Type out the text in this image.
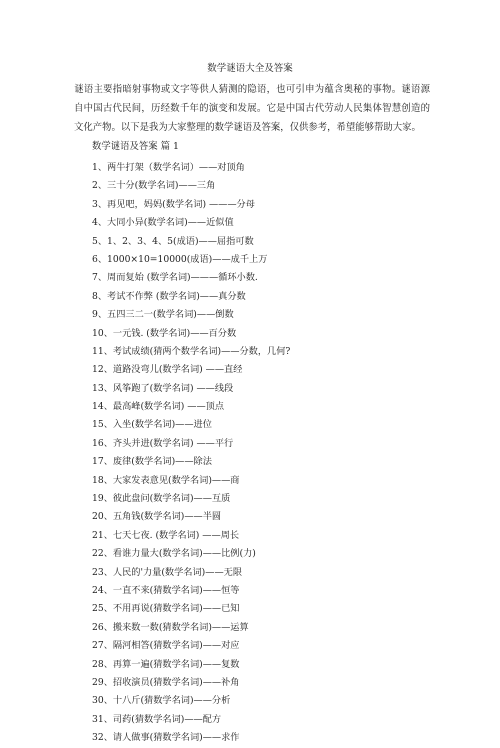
数学谜语大全及答案
谜语主要指暗射事物或文字等供人猜测的隐语，也可引申为蕴含奥秘的事物。谜语源自中国古代民间，历经数千年的演变和发展。它是中国古代劳动人民集体智慧创造的文化产物。以下是我为大家整理的数学谜语及答案，仅供参考，希望能够帮助大家。
数学谜语及答案 篇 1
1、两牛打架（数学名词）——对顶角
2、三十分(数学名词)——三角
3、再见吧，妈妈(数学名词) ———分母
4、大同小异(数学名词)——近似值
5、1、2、3、4、5(成语)——屈指可数
6、1000×10=10000(成语)——成千上万
7、周而复始 (数学名词)———循环小数.
8、考试不作弊 (数学名词)——真分数
9、五四三二一(数学名词)——倒数
10、一元钱. (数学名词)——百分数
11、考试成绩(猜两个数学名词)——分数，几何?
12、道路没弯儿(数学名词) ——直经
13、风筝跑了(数学名词) ——线段
14、最高峰(数学名词) ——顶点
15、入坐(数学名词)——进位
16、齐头并进(数学名词) ——平行
17、废律(数学名词)——除法
18、大家发表意见(数学名词)——商
19、彼此盘问(数学名词)——互质
20、五角钱(数学名词)——半圆
21、七天七夜. (数学名词) ——周长
22、看谁力量大(数学名词)——比例(力)
23、人民的'力量(数学名词)——无限
24、一直不来(猜数学名词)——恒等
25、不用再说(猜数学名词)——已知
26、搬来数一数(猜数学名词)——运算
27、隔河相答(猜数学名词)——对应
28、再算一遍(猜数学名词)——复数
29、招收演员(猜数学名词)——补角
30、十八斤(猜数学名词)——分析
31、司药(猜数学名词)——配方
32、请人做事(猜数学名词)——求作
